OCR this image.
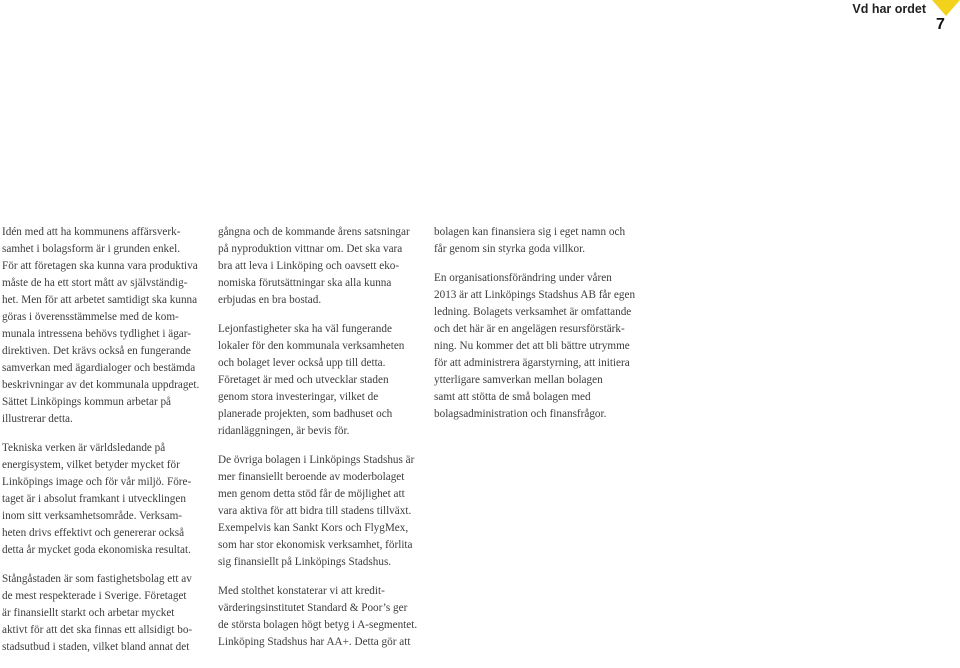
Vd har ordet
7

Idén med att ha kommunens affärsverk-
samhet i bolagsform är i grunden enkel.
För att företagen ska kunna vara produktiva
måste de ha ett stort mått av självständig-
het. Men för att arbetet samtidigt ska kunna
göras i överensstämmelse med de kom-
munala intressena behövs tydlighet i ägar-
direktiven. Det krävs också en fungerande
samverkan med ägardialoger och bestämda
beskrivningar av det kommunala uppdraget.
Sättet Linköpings kommun arbetar på
illustrerar detta.

Tekniska verken är världsledande på
energisystem, vilket betyder mycket för
Linköpings image och för vår miljö. Före-
taget är i absolut framkant i utvecklingen
inom sitt verksamhetsområde. Verksam-
heten drivs effektivt och genererar också
detta år mycket goda ekonomiska resultat.

Stångåstaden är som fastighetsbolag ett av
de mest respekterade i Sverige. Företaget
är finansiellt starkt och arbetar mycket
aktivt för att det ska finnas ett allsidigt bo-
stadsutbud i staden, vilket bland annat det

gångna och de kommande årens satsningar
på nyproduktion vittnar om. Det ska vara
bra att leva i Linköping och oavsett eko-
nomiska förutsättningar ska alla kunna
erbjudas en bra bostad.

Lejonfastigheter ska ha väl fungerande
lokaler för den kommunala verksamheten
och bolaget lever också upp till detta.
Företaget är med och utvecklar staden
genom stora investeringar, vilket de
planerade projekten, som badhuset och
ridanläggningen, är bevis för.

De övriga bolagen i Linköpings Stadshus är
mer finansiellt beroende av moderbolaget
men genom detta stöd får de möjlighet att
vara aktiva för att bidra till stadens tillväxt.
Exempelvis kan Sankt Kors och FlygMex,
som har stor ekonomisk verksamhet, förlita
sig finansiellt på Linköpings Stadshus.

Med stolthet konstaterar vi att kredit-
värderingsinstitutet Standard & Poor’s ger
de största bolagen högt betyg i A-segmentet.
Linköping Stadshus har AA+. Detta gör att

bolagen kan finansiera sig i eget namn och
får genom sin styrka goda villkor.

En organisationsförändring under våren
2013 är att Linköpings Stadshus AB får egen
ledning. Bolagets verksamhet är omfattande
och det här är en angelägen resursförstärk-
ning. Nu kommer det att bli bättre utrymme
för att administrera ägarstyrning, att initiera
ytterligare samverkan mellan bolagen
samt att stötta de små bolagen med
bolagsadministration och finansfrågor.
